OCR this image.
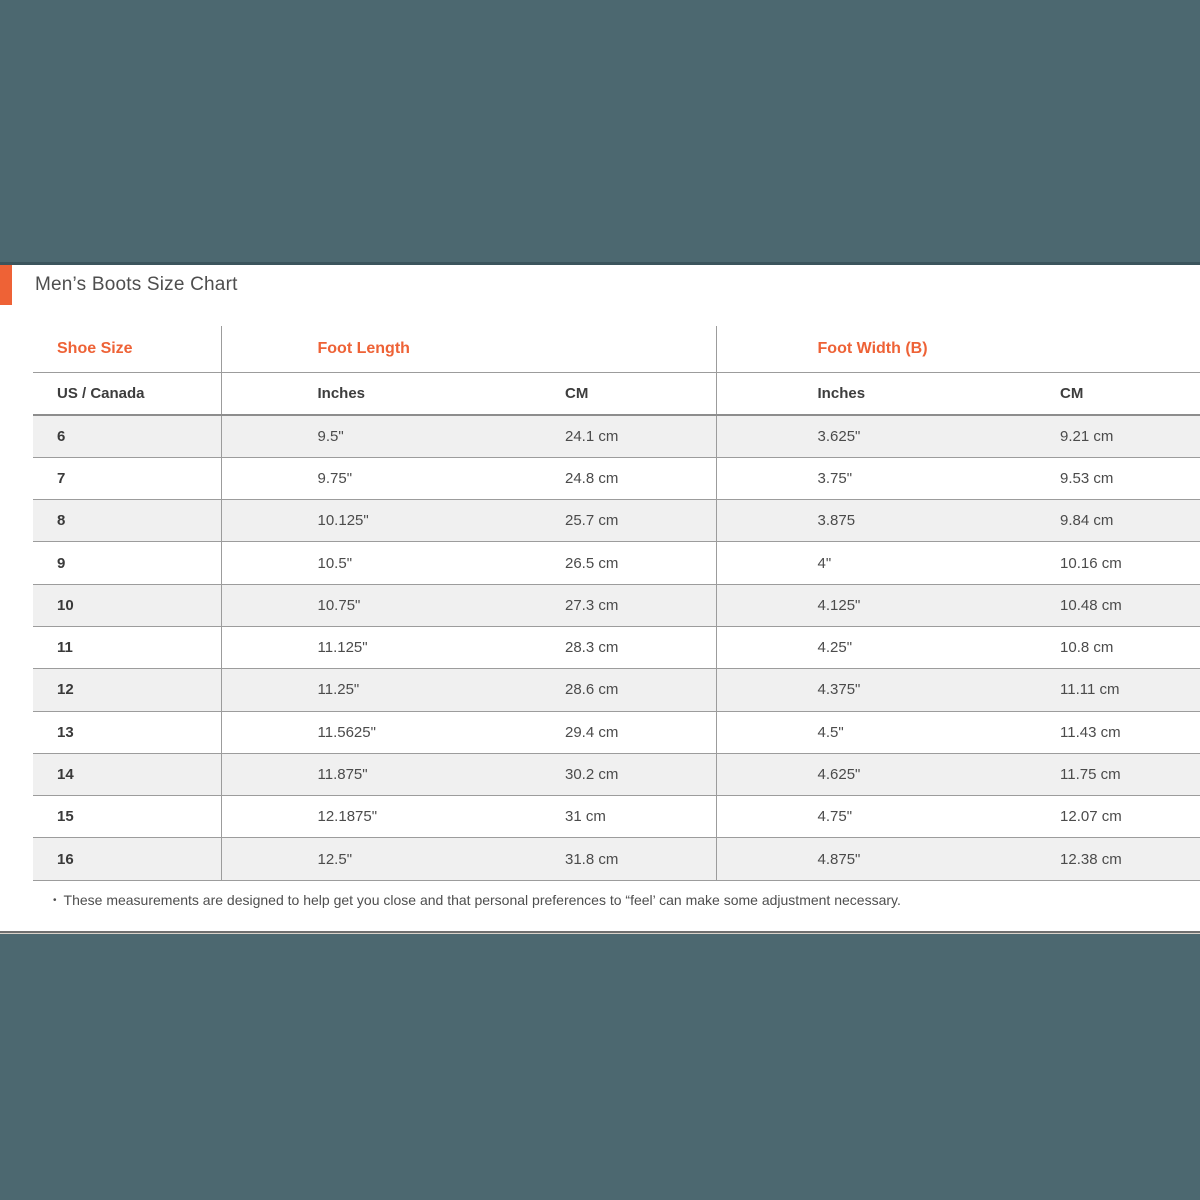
Men’s Boots Size Chart
Shoe Size	Foot Length		Foot Width (B)	
US / Canada	Inches	CM	Inches	CM
6	9.5"	24.1 cm	3.625"	9.21 cm
7	9.75"	24.8 cm	3.75"	9.53 cm
8	10.125"	25.7 cm	3.875	9.84 cm
9	10.5"	26.5 cm	4"	10.16 cm
10	10.75"	27.3 cm	4.125"	10.48 cm
11	11.125"	28.3 cm	4.25"	10.8 cm
12	11.25"	28.6 cm	4.375"	11.11 cm
13	11.5625"	29.4 cm	4.5"	11.43 cm
14	11.875"	30.2 cm	4.625"	11.75 cm
15	12.1875"	31 cm	4.75"	12.07 cm
16	12.5"	31.8 cm	4.875"	12.38 cm

• These measurements are designed to help get you close and that personal preferences to “feel’ can make some adjustment necessary.
